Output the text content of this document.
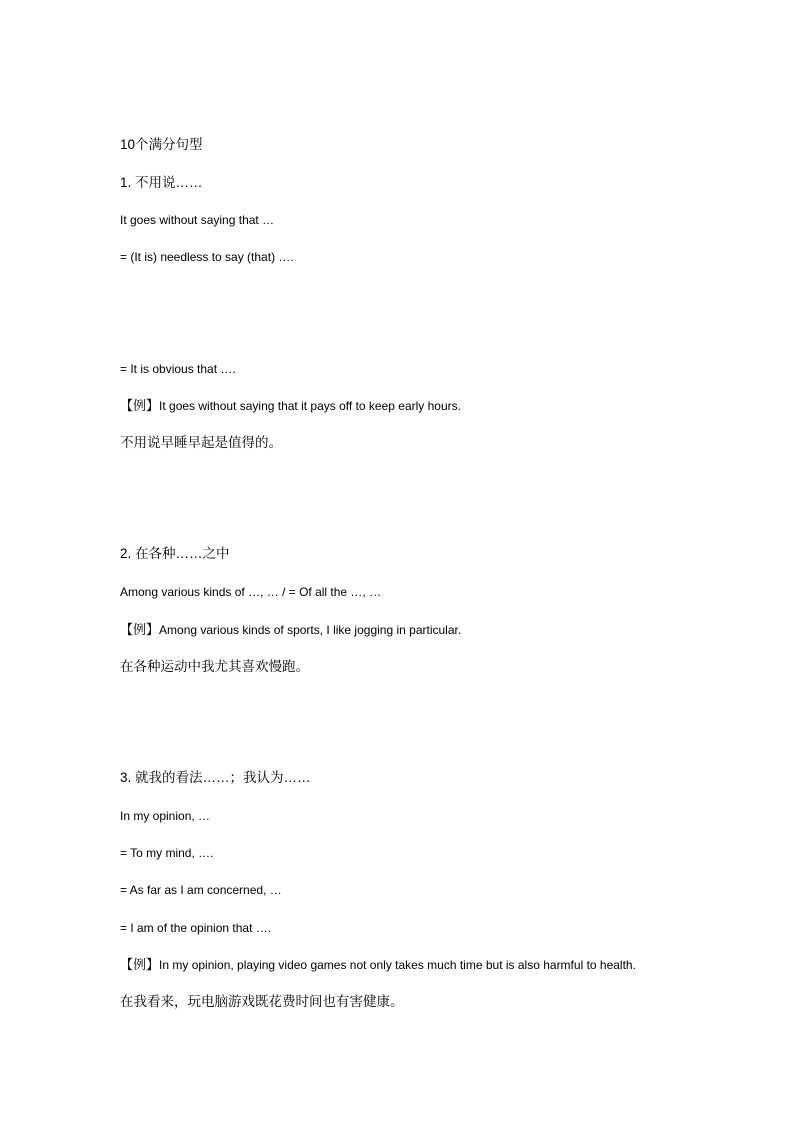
10个满分句型
1. 不用说……
It goes without saying that …
= (It is) needless to say (that) ….
= It is obvious that ….
【例】It goes without saying that it pays off to keep early hours.
不用说早睡早起是值得的。
2. 在各种……之中
Among various kinds of …, … / = Of all the …, …
【例】Among various kinds of sports, I like jogging in particular.
在各种运动中我尤其喜欢慢跑。
3. 就我的看法……；我认为……
In my opinion, …
= To my mind, ….
= As far as I am concerned, …
= I am of the opinion that ….
【例】In my opinion, playing video games not only takes much time but is also harmful to health.
在我看来，玩电脑游戏既花费时间也有害健康。
